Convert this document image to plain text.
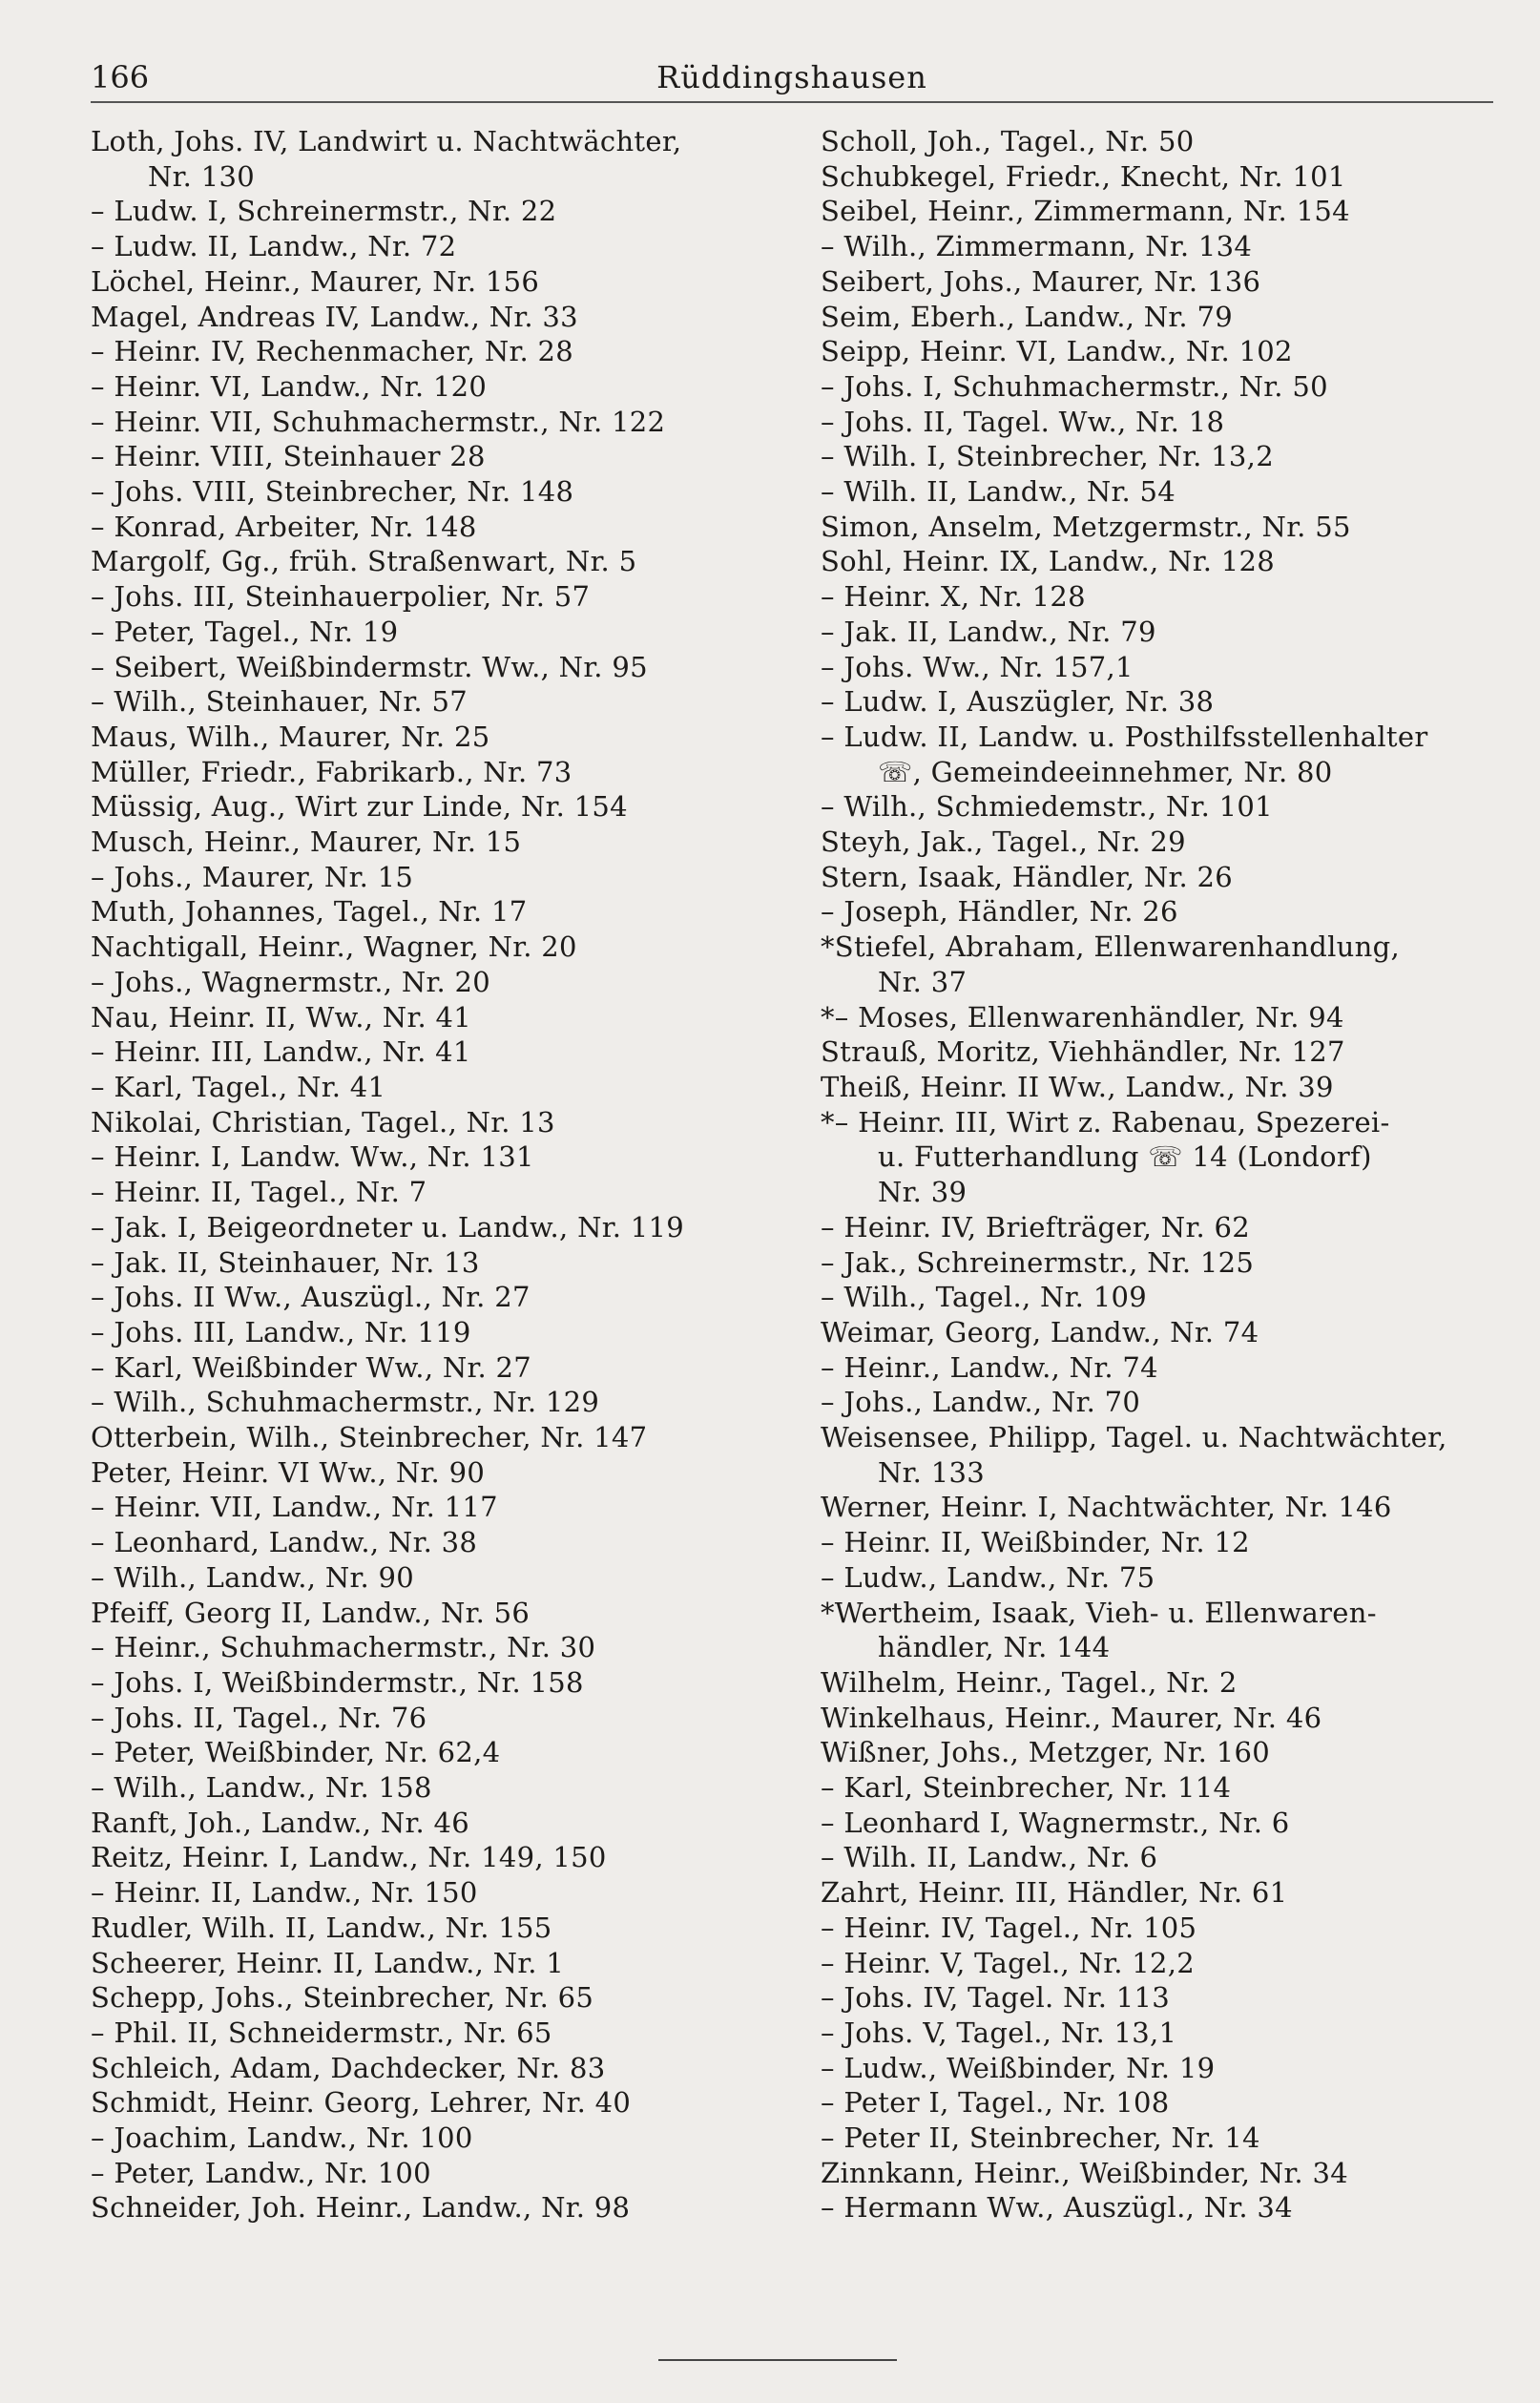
166	Rüddingshausen
Loth, Johs. IV, Landwirt u. Nachtwächter,
Nr. 130
– Ludw. I, Schreinermstr., Nr. 22
– Ludw. II, Landw., Nr. 72
Löchel, Heinr., Maurer, Nr. 156
Magel, Andreas IV, Landw., Nr. 33
– Heinr. IV, Rechenmacher, Nr. 28
– Heinr. VI, Landw., Nr. 120
– Heinr. VII, Schuhmachermstr., Nr. 122
– Heinr. VIII, Steinhauer 28
– Johs. VIII, Steinbrecher, Nr. 148
– Konrad, Arbeiter, Nr. 148
Margolf, Gg., früh. Straßenwart, Nr. 5
– Johs. III, Steinhauerpolier, Nr. 57
– Peter, Tagel., Nr. 19
– Seibert, Weißbindermstr. Ww., Nr. 95
– Wilh., Steinhauer, Nr. 57
Maus, Wilh., Maurer, Nr. 25
Müller, Friedr., Fabrikarb., Nr. 73
Müssig, Aug., Wirt zur Linde, Nr. 154
Musch, Heinr., Maurer, Nr. 15
– Johs., Maurer, Nr. 15
Muth, Johannes, Tagel., Nr. 17
Nachtigall, Heinr., Wagner, Nr. 20
– Johs., Wagnermstr., Nr. 20
Nau, Heinr. II, Ww., Nr. 41
– Heinr. III, Landw., Nr. 41
– Karl, Tagel., Nr. 41
Nikolai, Christian, Tagel., Nr. 13
– Heinr. I, Landw. Ww., Nr. 131
– Heinr. II, Tagel., Nr. 7
– Jak. I, Beigeordneter u. Landw., Nr. 119
– Jak. II, Steinhauer, Nr. 13
– Johs. II Ww., Auszügl., Nr. 27
– Johs. III, Landw., Nr. 119
– Karl, Weißbinder Ww., Nr. 27
– Wilh., Schuhmachermstr., Nr. 129
Otterbein, Wilh., Steinbrecher, Nr. 147
Peter, Heinr. VI Ww., Nr. 90
– Heinr. VII, Landw., Nr. 117
– Leonhard, Landw., Nr. 38
– Wilh., Landw., Nr. 90
Pfeiff, Georg II, Landw., Nr. 56
– Heinr., Schuhmachermstr., Nr. 30
– Johs. I, Weißbindermstr., Nr. 158
– Johs. II, Tagel., Nr. 76
– Peter, Weißbinder, Nr. 62,4
– Wilh., Landw., Nr. 158
Ranft, Joh., Landw., Nr. 46
Reitz, Heinr. I, Landw., Nr. 149, 150
– Heinr. II, Landw., Nr. 150
Rudler, Wilh. II, Landw., Nr. 155
Scheerer, Heinr. II, Landw., Nr. 1
Schepp, Johs., Steinbrecher, Nr. 65
– Phil. II, Schneidermstr., Nr. 65
Schleich, Adam, Dachdecker, Nr. 83
Schmidt, Heinr. Georg, Lehrer, Nr. 40
– Joachim, Landw., Nr. 100
– Peter, Landw., Nr. 100
Schneider, Joh. Heinr., Landw., Nr. 98
Scholl, Joh., Tagel., Nr. 50
Schubkegel, Friedr., Knecht, Nr. 101
Seibel, Heinr., Zimmermann, Nr. 154
– Wilh., Zimmermann, Nr. 134
Seibert, Johs., Maurer, Nr. 136
Seim, Eberh., Landw., Nr. 79
Seipp, Heinr. VI, Landw., Nr. 102
– Johs. I, Schuhmachermstr., Nr. 50
– Johs. II, Tagel. Ww., Nr. 18
– Wilh. I, Steinbrecher, Nr. 13,2
– Wilh. II, Landw., Nr. 54
Simon, Anselm, Metzgermstr., Nr. 55
Sohl, Heinr. IX, Landw., Nr. 128
– Heinr. X, Nr. 128
– Jak. II, Landw., Nr. 79
– Johs. Ww., Nr. 157,1
– Ludw. I, Auszügler, Nr. 38
– Ludw. II, Landw. u. Posthilfsstellenhalter
☏, Gemeindeeinnehmer, Nr. 80
– Wilh., Schmiedemstr., Nr. 101
Steyh, Jak., Tagel., Nr. 29
Stern, Isaak, Händler, Nr. 26
– Joseph, Händler, Nr. 26
*Stiefel, Abraham, Ellenwarenhandlung,
Nr. 37
*– Moses, Ellenwarenhändler, Nr. 94
Strauß, Moritz, Viehhändler, Nr. 127
Theiß, Heinr. II Ww., Landw., Nr. 39
*– Heinr. III, Wirt z. Rabenau, Spezerei-
u. Futterhandlung ☏ 14 (Londorf)
Nr. 39
– Heinr. IV, Briefträger, Nr. 62
– Jak., Schreinermstr., Nr. 125
– Wilh., Tagel., Nr. 109
Weimar, Georg, Landw., Nr. 74
– Heinr., Landw., Nr. 74
– Johs., Landw., Nr. 70
Weisensee, Philipp, Tagel. u. Nachtwächter,
Nr. 133
Werner, Heinr. I, Nachtwächter, Nr. 146
– Heinr. II, Weißbinder, Nr. 12
– Ludw., Landw., Nr. 75
*Wertheim, Isaak, Vieh- u. Ellenwaren-
händler, Nr. 144
Wilhelm, Heinr., Tagel., Nr. 2
Winkelhaus, Heinr., Maurer, Nr. 46
Wißner, Johs., Metzger, Nr. 160
– Karl, Steinbrecher, Nr. 114
– Leonhard I, Wagnermstr., Nr. 6
– Wilh. II, Landw., Nr. 6
Zahrt, Heinr. III, Händler, Nr. 61
– Heinr. IV, Tagel., Nr. 105
– Heinr. V, Tagel., Nr. 12,2
– Johs. IV, Tagel. Nr. 113
– Johs. V, Tagel., Nr. 13,1
– Ludw., Weißbinder, Nr. 19
– Peter I, Tagel., Nr. 108
– Peter II, Steinbrecher, Nr. 14
Zinnkann, Heinr., Weißbinder, Nr. 34
– Hermann Ww., Auszügl., Nr. 34
